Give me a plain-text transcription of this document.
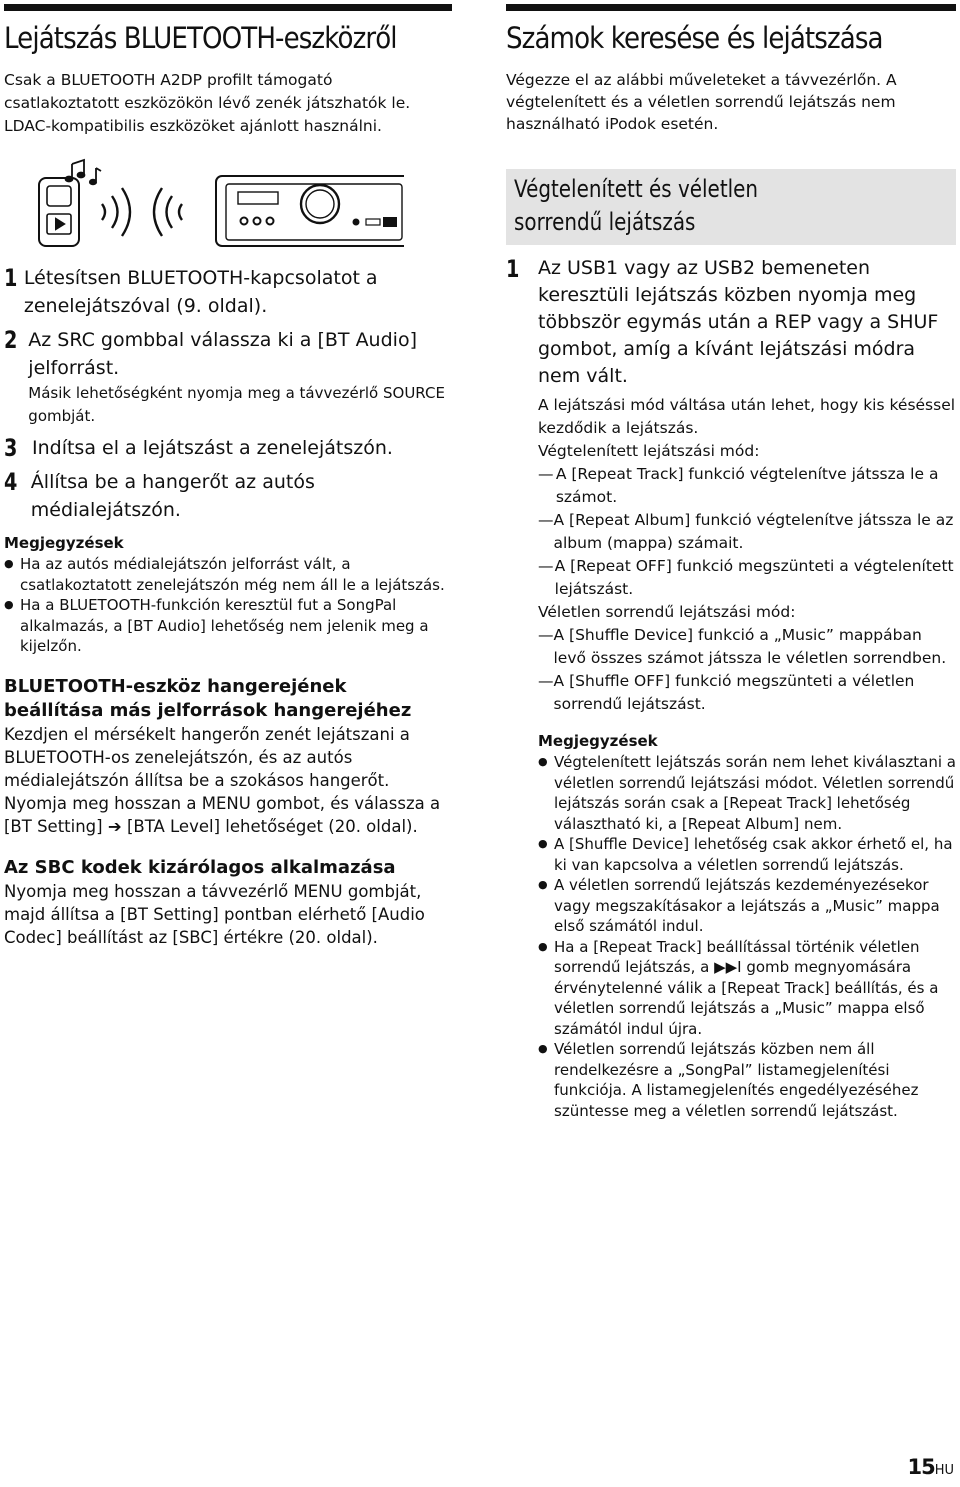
Lejátszás BLUETOOTH-eszközről

Csak a BLUETOOTH A2DP profilt támogató csatlakoztatott eszközökön lévő zenék játszhatók le. LDAC-kompatibilis eszközöket ajánlott használni.

1 Létesítsen BLUETOOTH-kapcsolatot a zenelejátszóval (9. oldal).
2 Az SRC gombbal válassza ki a [BT Audio] jelforrást.
Másik lehetőségként nyomja meg a távvezérlő SOURCE gombját.
3 Indítsa el a lejátszást a zenelejátszón.
4 Állítsa be a hangerőt az autós médialejátszón.
Megjegyzések
● Ha az autós médialejátszón jelforrást vált, a csatlakoztatott zenelejátszón még nem áll le a lejátszás.
● Ha a BLUETOOTH-funkción keresztül fut a SongPal alkalmazás, a [BT Audio] lehetőség nem jelenik meg a kijelzőn.
BLUETOOTH-eszköz hangerejének beállítása más jelforrások hangerejéhez

Kezdjen el mérsékelt hangerőn zenét lejátszani a BLUETOOTH-os zenelejátszón, és az autós médialejátszón állítsa be a szokásos hangerőt.

Nyomja meg hosszan a MENU gombot, és válassza a [BT Setting] ➔ [BTA Level] lehetőséget (20. oldal).

Az SBC kodek kizárólagos alkalmazása

Nyomja meg hosszan a távvezérlő MENU gombját, majd állítsa a [BT Setting] pontban elérhető [Audio Codec] beállítást az [SBC] értékre (20. oldal).

Számok keresése és lejátszása

Végezze el az alábbi műveleteket a távvezérlőn. A végtelenített és a véletlen sorrendű lejátszás nem használható iPodok esetén.

Végtelenített és véletlen
sorrendű lejátszás
1 Az USB1 vagy az USB2 bemeneten keresztüli lejátszás közben nyomja meg többször egymás után a REP vagy a SHUF gombot, amíg a kívánt lejátszási módra nem vált.
A lejátszási mód váltása után lehet, hogy kis késéssel kezdődik a lejátszás.
Végtelenített lejátszási mód:
— A [Repeat Track] funkció végtelenítve játssza le a számot.
— A [Repeat Album] funkció végtelenítve játssza le az album (mappa) számait.
— A [Repeat OFF] funkció megszünteti a végtelenített lejátszást.
Véletlen sorrendű lejátszási mód:
— A [Shuffle Device] funkció a „Music” mappában levő összes számot játssza le véletlen sorrendben.
— A [Shuffle OFF] funkció megszünteti a véletlen sorrendű lejátszást.
Megjegyzések
● Végtelenített lejátszás során nem lehet kiválasztani a véletlen sorrendű lejátszási módot. Véletlen sorrendű lejátszás során csak a [Repeat Track] lehetőség választható ki, a [Repeat Album] nem.
● A [Shuffle Device] lehetőség csak akkor érhető el, ha ki van kapcsolva a véletlen sorrendű lejátszás.
● A véletlen sorrendű lejátszás kezdeményezésekor vagy megszakításakor a lejátszás a „Music” mappa első számától indul.
● Ha a [Repeat Track] beállítással történik véletlen sorrendű lejátszás, a ▶▶I gomb megnyomására érvénytelenné válik a [Repeat Track] beállítás, és a véletlen sorrendű lejátszás a „Music” mappa első számától indul újra.
● Véletlen sorrendű lejátszás közben nem áll rendelkezésre a „SongPal” listamegjelenítési funkciója. A listamegjelenítés engedélyezéséhez szüntesse meg a véletlen sorrendű lejátszást.
15HU
